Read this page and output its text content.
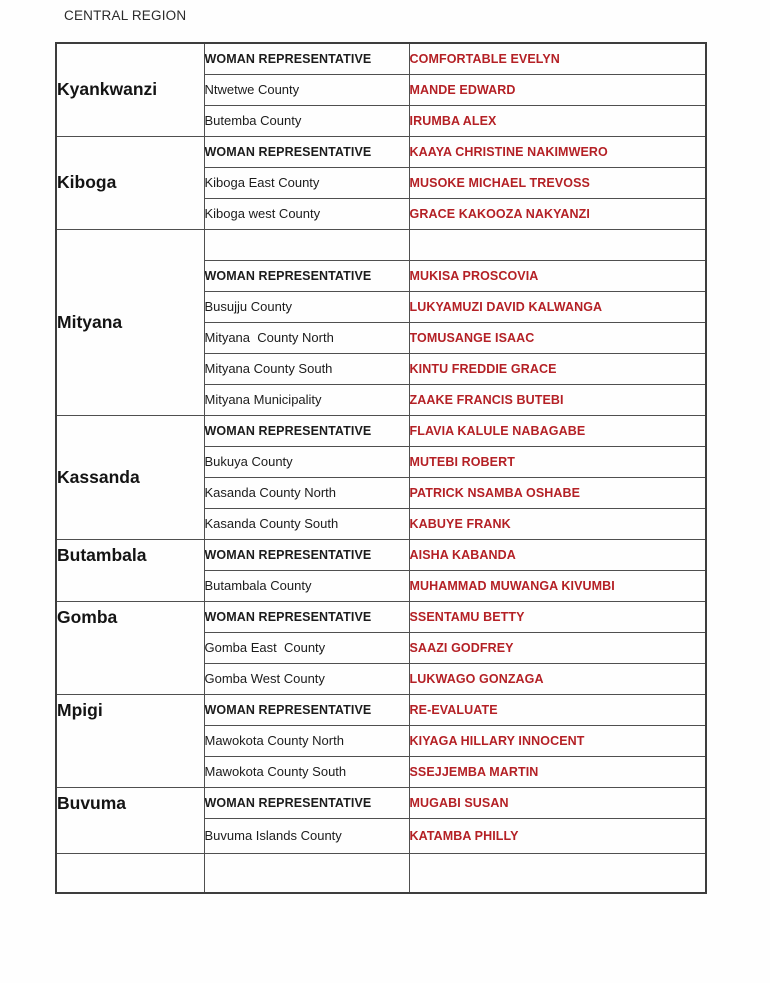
CENTRAL REGION
Kyankwanzi	WOMAN REPRESENTATIVE	COMFORTABLE EVELYN
	Ntwetwe County	MANDE EDWARD
	Butemba County	IRUMBA ALEX
Kiboga	WOMAN REPRESENTATIVE	KAAYA CHRISTINE NAKIMWERO
	Kiboga East County	MUSOKE MICHAEL TREVOSS
	Kiboga west County	GRACE KAKOOZA NAKYANZI
Mityana		
	WOMAN REPRESENTATIVE	MUKISA PROSCOVIA
	Busujju County	LUKYAMUZI DAVID KALWANGA
	Mityana  County North	TOMUSANGE ISAAC
	Mityana County South	KINTU FREDDIE GRACE
	Mityana Municipality	ZAAKE FRANCIS BUTEBI
Kassanda	WOMAN REPRESENTATIVE	FLAVIA KALULE NABAGABE
	Bukuya County	MUTEBI ROBERT
	Kasanda County North	PATRICK NSAMBA OSHABE
	Kasanda County South	KABUYE FRANK
Butambala	WOMAN REPRESENTATIVE	AISHA KABANDA
	Butambala County	MUHAMMAD MUWANGA KIVUMBI
Gomba	WOMAN REPRESENTATIVE	SSENTAMU BETTY
	Gomba East  County	SAAZI GODFREY
	Gomba West County	LUKWAGO GONZAGA
Mpigi	WOMAN REPRESENTATIVE	RE-EVALUATE
	Mawokota County North	KIYAGA HILLARY INNOCENT
	Mawokota County South	SSEJJEMBA MARTIN
Buvuma	WOMAN REPRESENTATIVE	MUGABI SUSAN
	Buvuma Islands County	KATAMBA PHILLY
